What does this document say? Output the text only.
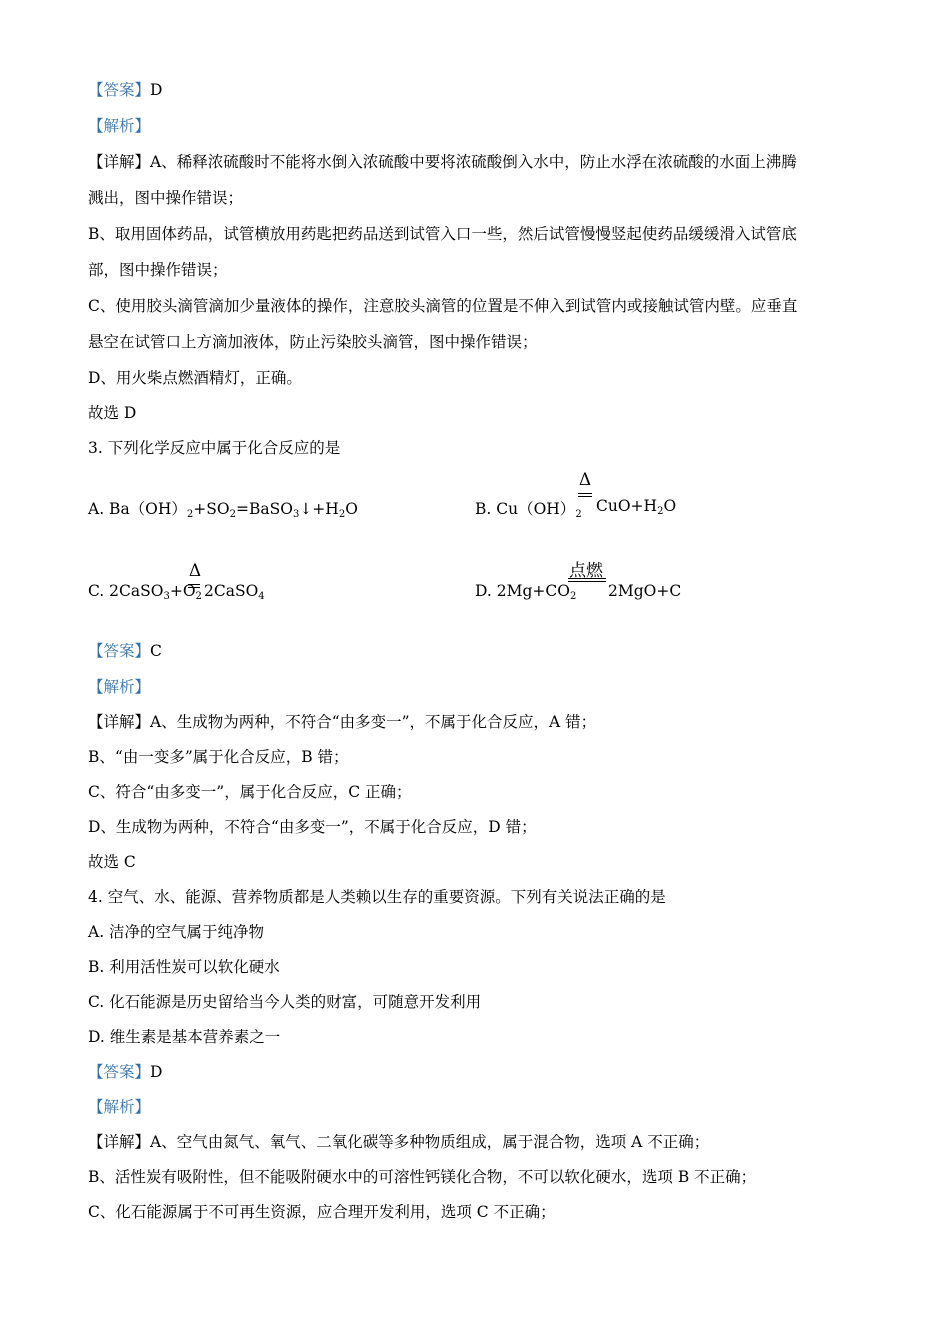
【答案】D
【解析】
【详解】A、稀释浓硫酸时不能将水倒入浓硫酸中要将浓硫酸倒入水中，防止水浮在浓硫酸的水面上沸腾
溅出，图中操作错误；
B、取用固体药品，试管横放用药匙把药品送到试管入口一些，然后试管慢慢竖起使药品缓缓滑入试管底
部，图中操作错误；
C、使用胶头滴管滴加少量液体的操作，注意胶头滴管的位置是不伸入到试管内或接触试管内壁。应垂直
悬空在试管口上方滴加液体，防止污染胶头滴管，图中操作错误；
D、用火柴点燃酒精灯，正确。
故选 D
3. 下列化学反应中属于化合反应的是
A. $Ba(OH)_2+SO_2=BaSO_3↓+H_2O$	B. $Cu(OH)_2$
Δ
$CuO+H_2O$
C. $2CaSO_3+O_2$
Δ
2CaSO$_4$	D. $2Mg+CO_2$
点燃
2MgO+C
【答案】C
【解析】
【详解】A、生成物为两种，不符合“由多变一”，不属于化合反应，A 错；
B、“由一变多”属于化合反应，B 错；
C、符合“由多变一”，属于化合反应，C 正确；
D、生成物为两种，不符合“由多变一”，不属于化合反应，D 错；
故选 C
4. 空气、水、能源、营养物质都是人类赖以生存的重要资源。下列有关说法正确的是
A. 洁净的空气属于纯净物
B. 利用活性炭可以软化硬水
C. 化石能源是历史留给当今人类的财富，可随意开发利用
D. 维生素是基本营养素之一
【答案】D
【解析】
【详解】A、空气由氮气、氧气、二氧化碳等多种物质组成，属于混合物，选项 A 不正确；
B、活性炭有吸附性，但不能吸附硬水中的可溶性钙镁化合物，不可以软化硬水，选项 B 不正确；
C、化石能源属于不可再生资源，应合理开发利用，选项 C 不正确；
